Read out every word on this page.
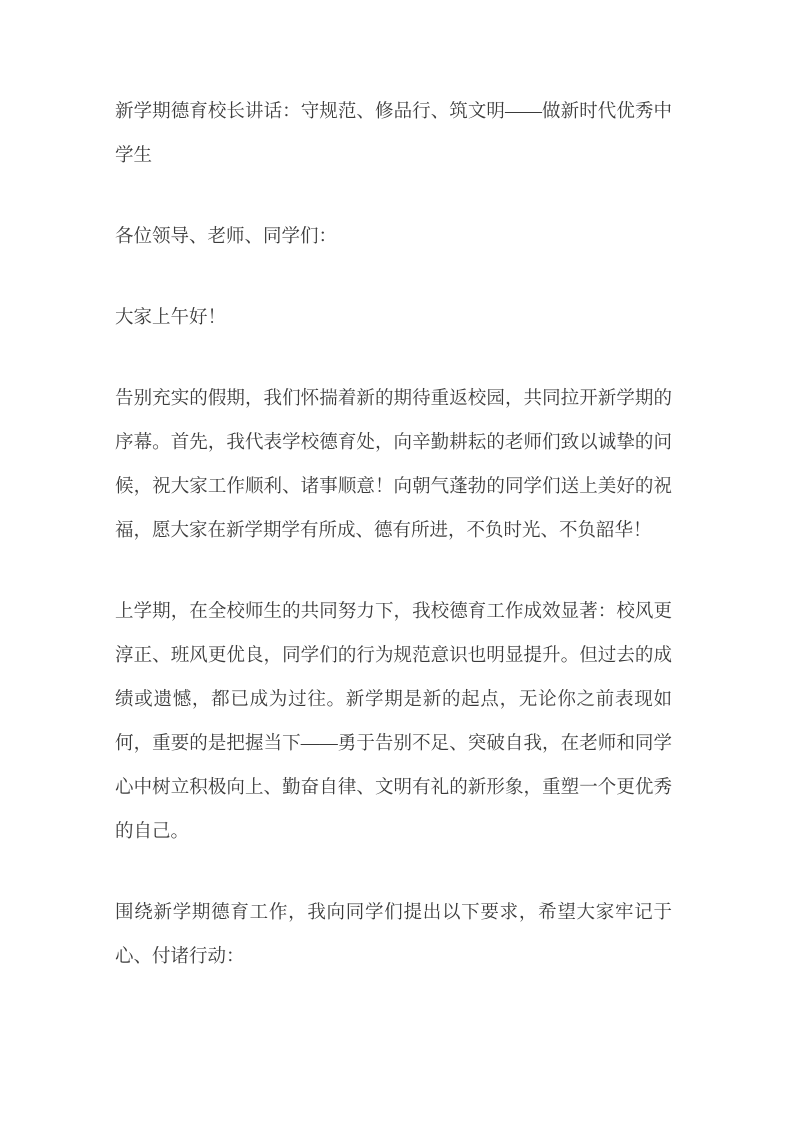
新学期德育校长讲话：守规范、修品行、筑文明——做新时代优秀中学生

各位领导、老师、同学们：

大家上午好！

告别充实的假期，我们怀揣着新的期待重返校园，共同拉开新学期的序幕。首先，我代表学校德育处，向辛勤耕耘的老师们致以诚挚的问候，祝大家工作顺利、诸事顺意！向朝气蓬勃的同学们送上美好的祝福，愿大家在新学期学有所成、德有所进，不负时光、不负韶华！

上学期，在全校师生的共同努力下，我校德育工作成效显著：校风更淳正、班风更优良，同学们的行为规范意识也明显提升。但过去的成绩或遗憾，都已成为过往。新学期是新的起点，无论你之前表现如何，重要的是把握当下——勇于告别不足、突破自我，在老师和同学心中树立积极向上、勤奋自律、文明有礼的新形象，重塑一个更优秀的自己。

围绕新学期德育工作，我向同学们提出以下要求，希望大家牢记于心、付诸行动：
